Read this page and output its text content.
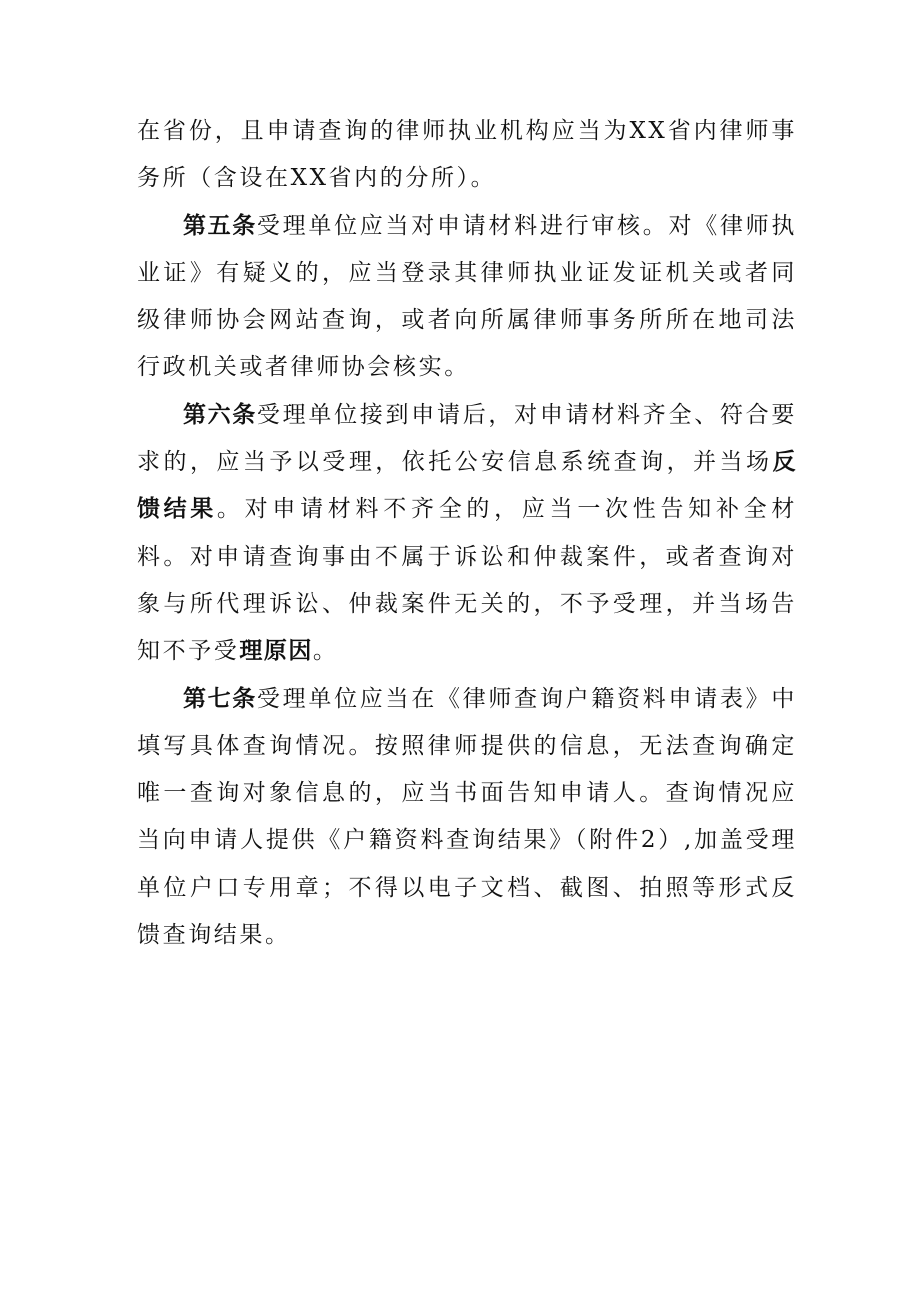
在省份，且申请查询的律师执业机构应当为XX省内律师事务所（含设在XX省内的分所）。

第五条受理单位应当对申请材料进行审核。对《律师执业证》有疑义的，应当登录其律师执业证发证机关或者同级律师协会网站查询，或者向所属律师事务所所在地司法行政机关或者律师协会核实。

第六条受理单位接到申请后，对申请材料齐全、符合要求的，应当予以受理，依托公安信息系统查询，并当场反馈结果。对申请材料不齐全的，应当一次性告知补全材料。对申请查询事由不属于诉讼和仲裁案件，或者查询对象与所代理诉讼、仲裁案件无关的，不予受理，并当场告知不予受理原因。

第七条受理单位应当在《律师查询户籍资料申请表》中填写具体查询情况。按照律师提供的信息，无法查询确定唯一查询对象信息的，应当书面告知申请人。查询情况应当向申请人提供《户籍资料查询结果》（附件2）,加盖受理单位户口专用章；不得以电子文档、截图、拍照等形式反馈查询结果。
